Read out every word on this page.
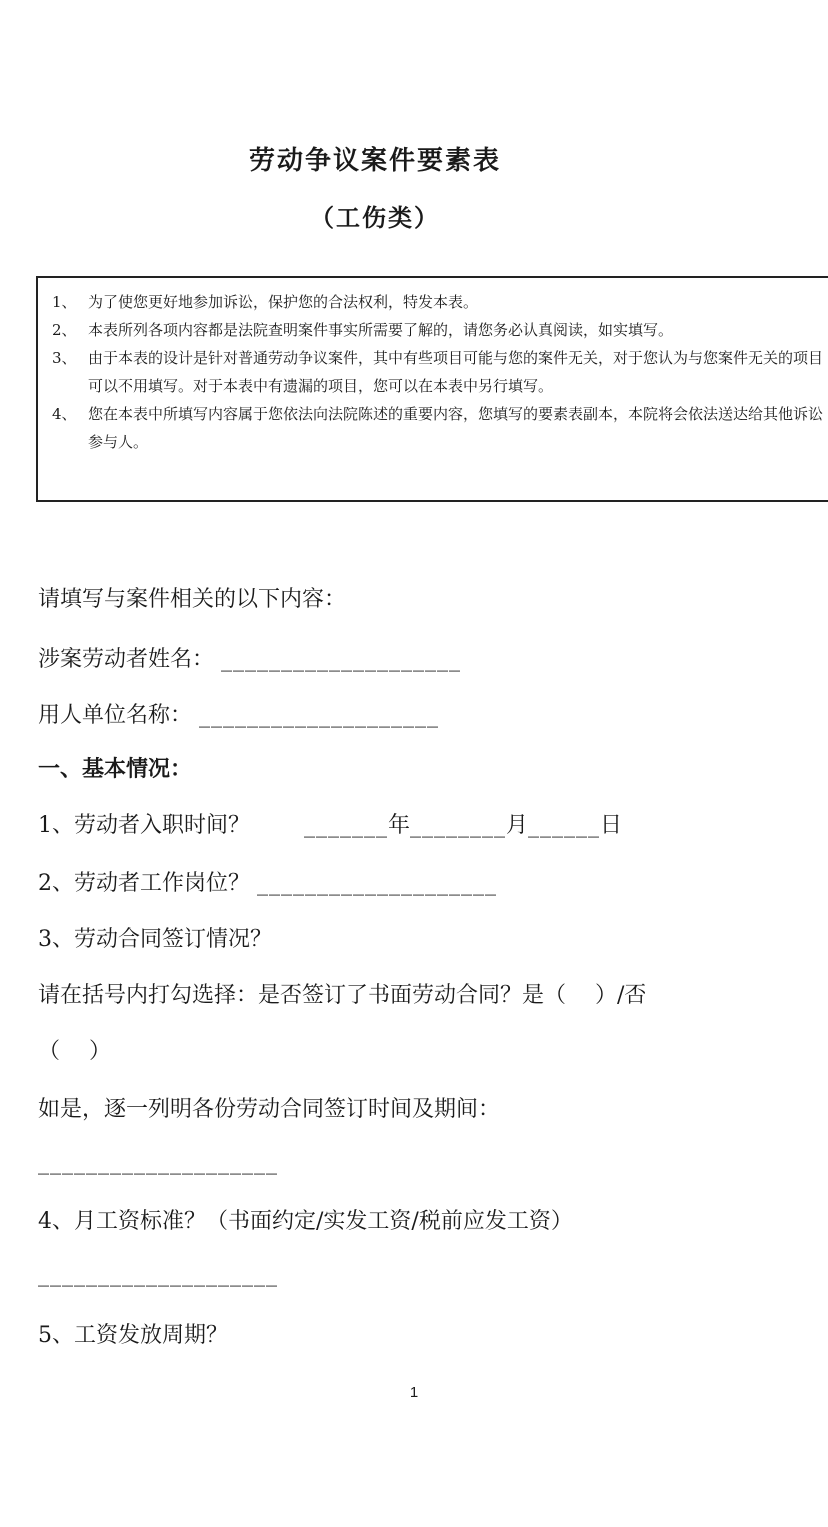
劳动争议案件要素表
（工伤类）
1、 为了使您更好地参加诉讼，保护您的合法权利，特发本表。
2、 本表所列各项内容都是法院查明案件事实所需要了解的，请您务必认真阅读，如实填写。
3、 由于本表的设计是针对普通劳动争议案件，其中有些项目可能与您的案件无关，对于您认为与您案件无关的项目可以不用填写。对于本表中有遗漏的项目，您可以在本表中另行填写。
4、 您在本表中所填写内容属于您依法向法院陈述的重要内容，您填写的要素表副本，本院将会依法送达给其他诉讼参与人。
请填写与案件相关的以下内容：
涉案劳动者姓名： ____________________
用人单位名称： ____________________
一、基本情况：
1、劳动者入职时间？ _______年________月______日
2、劳动者工作岗位？ ____________________
3、劳动合同签订情况？
请在括号内打勾选择：是否签订了书面劳动合同？是（　 ）/否
（　 ）
如是，逐一列明各份劳动合同签订时间及期间：
____________________
4、月工资标准？（书面约定/实发工资/税前应发工资）
____________________
5、工资发放周期？
1
